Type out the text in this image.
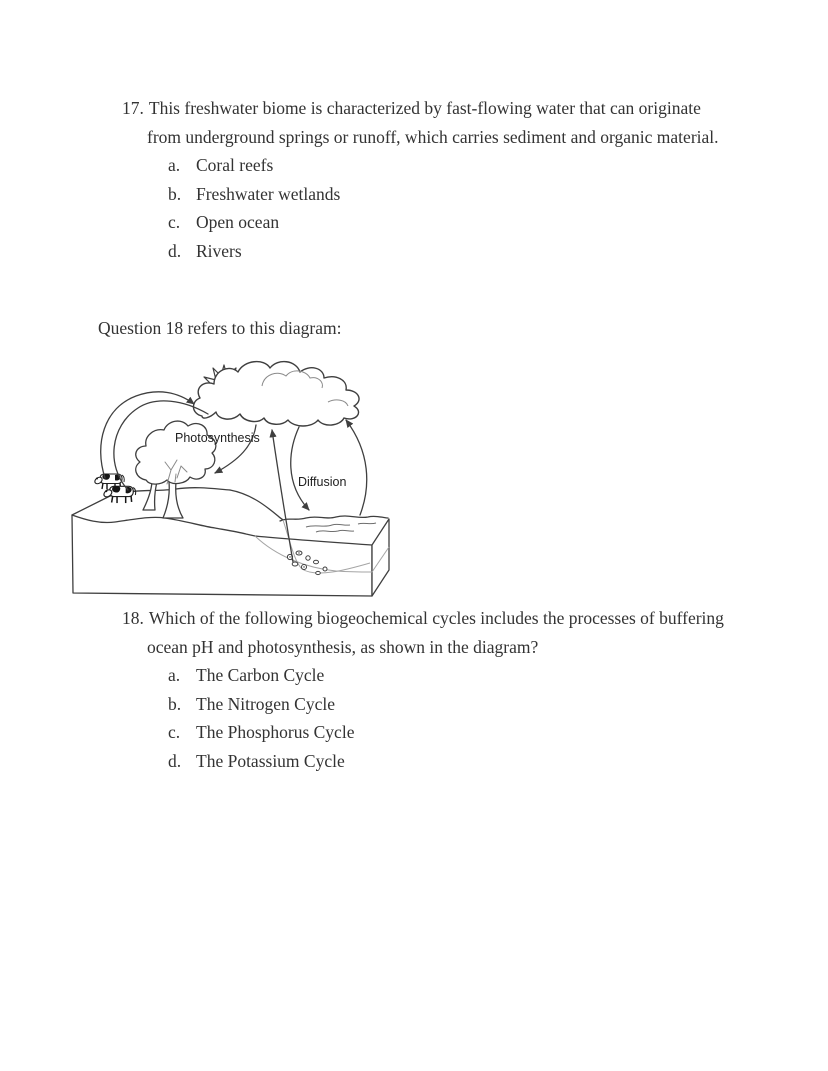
17. This freshwater biome is characterized by fast-flowing water that can originate from underground springs or runoff, which carries sediment and organic material.
a. Coral reefs
b. Freshwater wetlands
c. Open ocean
d. Rivers
Question 18 refers to this diagram:
Photosynthesis
Diffusion
18. Which of the following biogeochemical cycles includes the processes of buffering ocean pH and photosynthesis, as shown in the diagram?
a. The Carbon Cycle
b. The Nitrogen Cycle
c. The Phosphorus Cycle
d. The Potassium Cycle
